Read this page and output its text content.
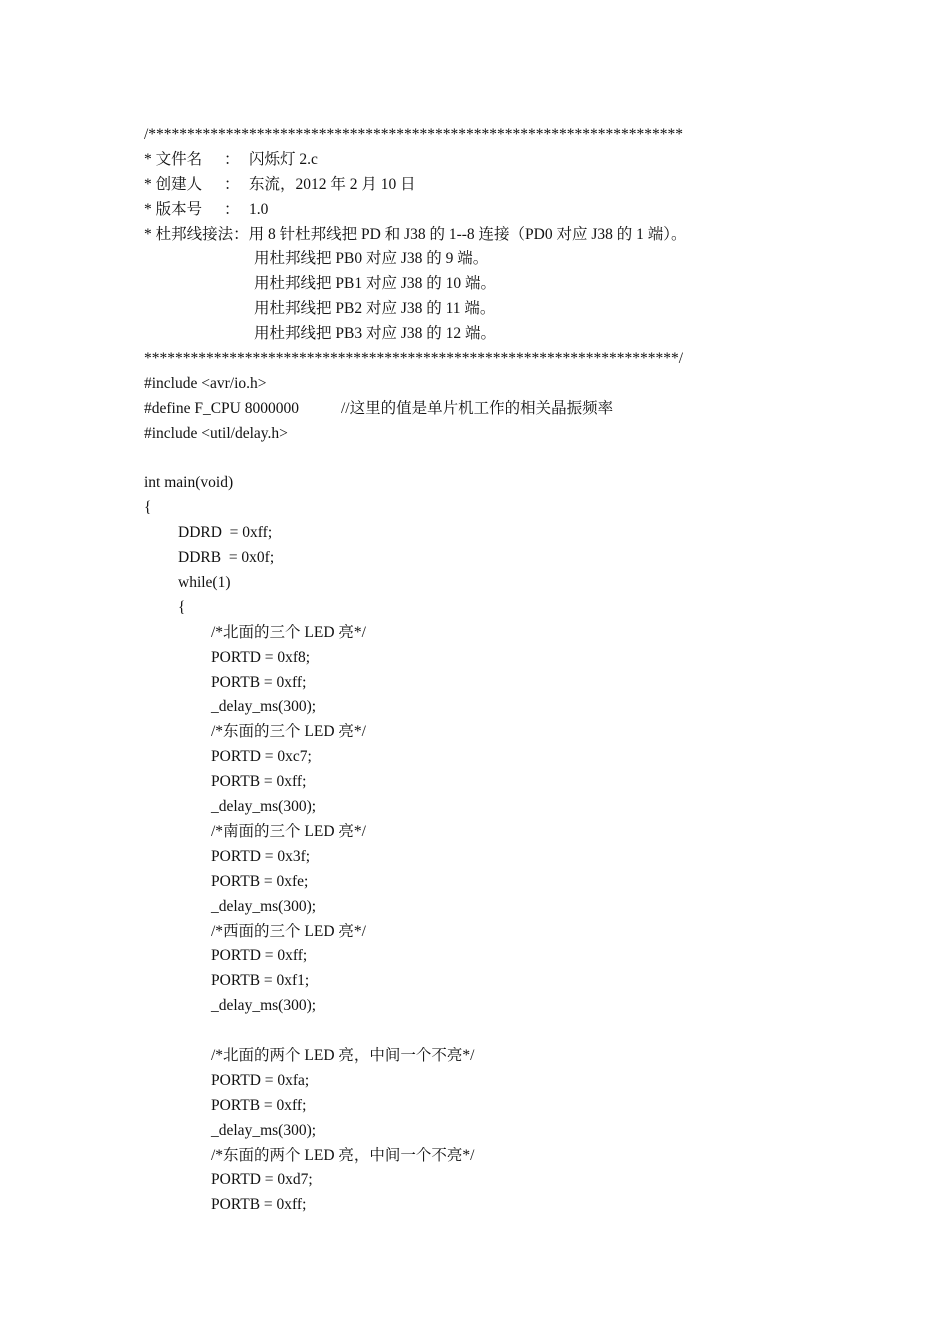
/*********************************************************************
* 文件名 ： 闪烁灯 2.c
* 创建人 ： 东流，2012 年 2 月 10 日
* 版本号 ： 1.0
* 杜邦线接法：用 8 针杜邦线把 PD 和 J38 的 1--8 连接（PD0 对应 J38 的 1 端）。
用杜邦线把 PB0 对应 J38 的 9 端。
用杜邦线把 PB1 对应 J38 的 10 端。
用杜邦线把 PB2 对应 J38 的 11 端。
用杜邦线把 PB3 对应 J38 的 12 端。
*********************************************************************/
#include <avr/io.h>
#define F_CPU 8000000	//这里的值是单片机工作的相关晶振频率
#include <util/delay.h>
int main(void)
{
DDRD  = 0xff;
DDRB  = 0x0f;
while(1)
{
/*北面的三个 LED 亮*/
PORTD = 0xf8;
PORTB = 0xff;
_delay_ms(300);
/*东面的三个 LED 亮*/
PORTD = 0xc7;
PORTB = 0xff;
_delay_ms(300);
/*南面的三个 LED 亮*/
PORTD = 0x3f;
PORTB = 0xfe;
_delay_ms(300);
/*西面的三个 LED 亮*/
PORTD = 0xff;
PORTB = 0xf1;
_delay_ms(300);
/*北面的两个 LED 亮，中间一个不亮*/
PORTD = 0xfa;
PORTB = 0xff;
_delay_ms(300);
/*东面的两个 LED 亮，中间一个不亮*/
PORTD = 0xd7;
PORTB = 0xff;
